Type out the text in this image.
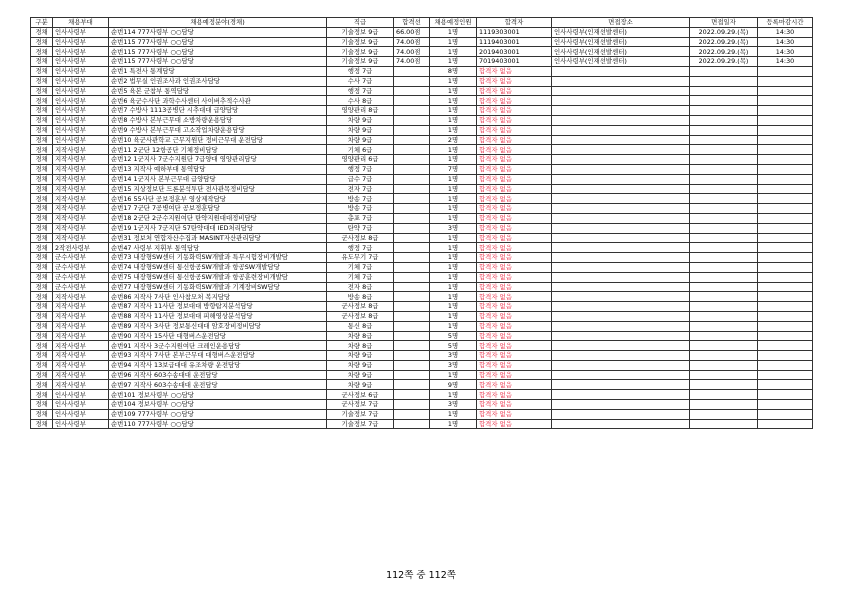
구분	채용부대	채용예정분야(경채)	직급	합격선	채용예정인원	합격자	면접장소	면접일자	등록마감시간
경채	인사사령부	순번114 777사령부 ○○담당	기술정보 9급	66.00점	1명	1119303001	인사사령부(인재선발센터)	2022.09.29.(목)	14:30
경채	인사사령부	순번115 777사령부 ○○담당	기술정보 9급	74.00점	1명	1119403001	인사사령부(인재선발센터)	2022.09.29.(목)	14:30
경채	인사사령부	순번115 777사령부 ○○담당	기술정보 9급	74.00점	1명	2019403001	인사사령부(인재선발센터)	2022.09.29.(목)	14:30
경채	인사사령부	순번115 777사령부 ○○담당	기술정보 9급	74.00점	1명	7019403001	인사사령부(인재선발센터)	2022.09.29.(목)	14:30
경채	인사사령부	순번1 특전사 통계담당	행정 7급		8명	합격자 없음			
경채	인사사령부	순번2 법무실 인권조사과 인권조사담당	수사 7급		1명	합격자 없음			
경채	인사사령부	순번5 육본 군참부 통역담당	행정 7급		1명	합격자 없음			
경채	인사사령부	순번6 육군수사단 과학수사센터 사이버추적수사관	수사 8급		1명	합격자 없음			
경채	인사사령부	순번7 수방사 1113공병단 시추대대 급양담당	영양관리 8급		1명	합격자 없음			
경채	인사사령부	순번8 수방사 본부근무대 소방차량운용담당	차량 9급		1명	합격자 없음			
경채	인사사령부	순번9 수방사 본부근무대 고소작업차량운용담당	차량 9급		1명	합격자 없음			
경채	인사사령부	순번10 육군사관학교 근무지원단 정비근무대 운전담당	차량 9급		2명	합격자 없음			
경채	지작사령부	순번11 2군단 12항공단 기체정비담당	기체 6급		1명	합격자 없음			
경채	지작사령부	순번12 1군지사 7군수지원단 7급양대 영양관리담당	영양관리 6급		1명	합격자 없음			
경채	지작사령부	순번13 지작사 예하부대 통역담당	행정 7급		7명	합격자 없음			
경채	지작사령부	순번14 1군지사 본부근무대 급양담당	급수 7급		1명	합격자 없음			
경채	지작사령부	순번15 지상정보단 드론분석투단 전사관목정비담당	전자 7급		1명	합격자 없음			
경채	지작사령부	순번16 55사단 공보정훈부 영상제작담당	방송 7급		1명	합격자 없음			
경채	지작사령부	순번17 7군단 7공병여단 공보정훈담당	방송 7급		1명	합격자 없음			
경채	지작사령부	순번18 2군단 2군수지원여단 탄약지원대대정비담당	총포 7급		1명	합격자 없음			
경채	지작사령부	순번19 1군지사 7군지단 57탄약대대 IED처리담당	탄약 7급		3명	합격자 없음			
경채	지작사령부	순번31 정보처 연합자산수집과 MASINT자산관리담당	군사정보 8급		1명	합격자 없음			
경채	2작전사령부	순번47 사령부 지휘부 통역담당	행정 7급		1명	합격자 없음			
경채	군수사령부	순번73 내장형SW센터 기동화력SW개발과 특무시험장비개발담	유도무기 7급		1명	합격자 없음			
경채	군수사령부	순번74 내장형SW센터 통신항공SW개발과 항공SW개발담당	기체 7급		1명	합격자 없음			
경채	군수사령부	순번75 내장형SW센터 통신항공SW개발과 항공훈련장비개발담	기체 7급		1명	합격자 없음			
경채	군수사령부	순번77 내장형SW센터 기동화력SW개발과 기계장비SW담당	전자 8급		1명	합격자 없음			
경채	지작사령부	순번86 지작사 7사단 인사참모처 복지담당	방송 8급		1명	합격자 없음			
경채	지작사령부	순번87 지작사 11사단 정보대대 방향탐지분석담당	군사정보 8급		1명	합격자 없음			
경채	지작사령부	순번88 지작사 11사단 정보대대 피해영상분석담당	군사정보 8급		1명	합격자 없음			
경채	지작사령부	순번89 지작사 3사단 정보통신대대 암호장비정비담당	통신 8급		1명	합격자 없음			
경채	지작사령부	순번90 지작사 15사단 대형버스운전담당	차량 8급		5명	합격자 없음			
경채	지작사령부	순번91 지작사 3군수지원여단 크레인운용담당	차량 8급		5명	합격자 없음			
경채	지작사령부	순번93 지작사 7사단 본부근무대 대형버스운전담당	차량 9급		3명	합격자 없음			
경채	지작사령부	순번94 지작사 13보급대대 유조차량 운전담당	차량 9급		3명	합격자 없음			
경채	지작사령부	순번96 지작사 603수송대대 운전담당	차량 9급		1명	합격자 없음			
경채	지작사령부	순번97 지작사 603수송대대 운전담당	차량 9급		9명	합격자 없음			
경채	인사사령부	순번101 정보사령부 ○○담당	군사정보 6급		1명	합격자 없음			
경채	인사사령부	순번104 정보사령부 ○○담당	군사정보 7급		3명	합격자 없음			
경채	인사사령부	순번109 777사령부 ○○담당	기술정보 7급		1명	합격자 없음			
경채	인사사령부	순번110 777사령부 ○○담당	기술정보 7급		1명	합격자 없음			
112쪽 중 112쪽
